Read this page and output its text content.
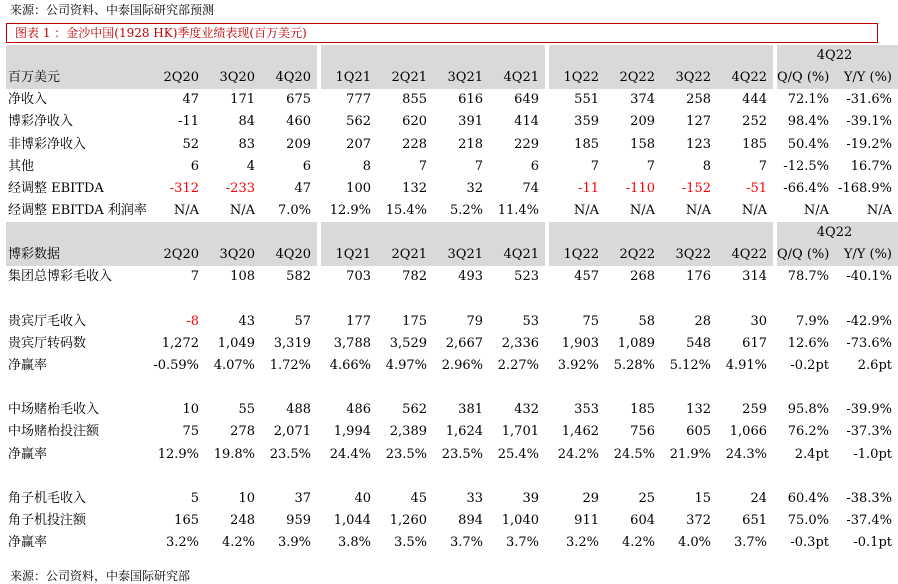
来源：公司资料、中泰国际研究部预测
图表 1 ：金沙中国(1928 HK)季度业绩表现(百万美元)
															4Q22	
百万美元	2Q20	3Q20	4Q20		1Q21	2Q21	3Q21	4Q21		1Q22	2Q22	3Q22	4Q22		Q/Q (%)	Y/Y (%)
净收入	47	171	675		777	855	616	649		551	374	258	444		72.1%	-31.6%
博彩净收入	-11	84	460		562	620	391	414		359	209	127	252		98.4%	-39.1%
非博彩净收入	52	83	209		207	228	218	229		185	158	123	185		50.4%	-19.2%
其他	6	4	6		8	7	7	6		7	7	8	7		-12.5%	16.7%
经调整 EBITDA	-312	-233	47		100	132	32	74		-11	-110	-152	-51		-66.4%	-168.9%
经调整 EBITDA 利润率	N/A	N/A	7.0%		12.9%	15.4%	5.2%	11.4%		N/A	N/A	N/A	N/A		N/A	N/A
															4Q22	
博彩数据	2Q20	3Q20	4Q20		1Q21	2Q21	3Q21	4Q21		1Q22	2Q22	3Q22	4Q22		Q/Q (%)	Y/Y (%)
集团总博彩毛收入	7	108	582		703	782	493	523		457	268	176	314		78.7%	-40.1%

贵宾厅毛收入	-8	43	57		177	175	79	53		75	58	28	30		7.9%	-42.9%
贵宾厅转码数	1,272	1,049	3,319		3,788	3,529	2,667	2,336		1,903	1,089	548	617		12.6%	-73.6%
净赢率	-0.59%	4.07%	1.72%		4.66%	4.97%	2.96%	2.27%		3.92%	5.28%	5.12%	4.91%		-0.2pt	2.6pt

中场赌枱毛收入	10	55	488		486	562	381	432		353	185	132	259		95.8%	-39.9%
中场赌枱投注额	75	278	2,071		1,994	2,389	1,624	1,701		1,462	756	605	1,066		76.2%	-37.3%
净赢率	12.9%	19.8%	23.5%		24.4%	23.5%	23.5%	25.4%		24.2%	24.5%	21.9%	24.3%		2.4pt	-1.0pt

角子机毛收入	5	10	37		40	45	33	39		29	25	15	24		60.4%	-38.3%
角子机投注额	165	248	959		1,044	1,260	894	1,040		911	604	372	651		75.0%	-37.4%
净赢率	3.2%	4.2%	3.9%		3.8%	3.5%	3.7%	3.7%		3.2%	4.2%	4.0%	3.7%		-0.3pt	-0.1pt
来源：公司资料，中泰国际研究部
